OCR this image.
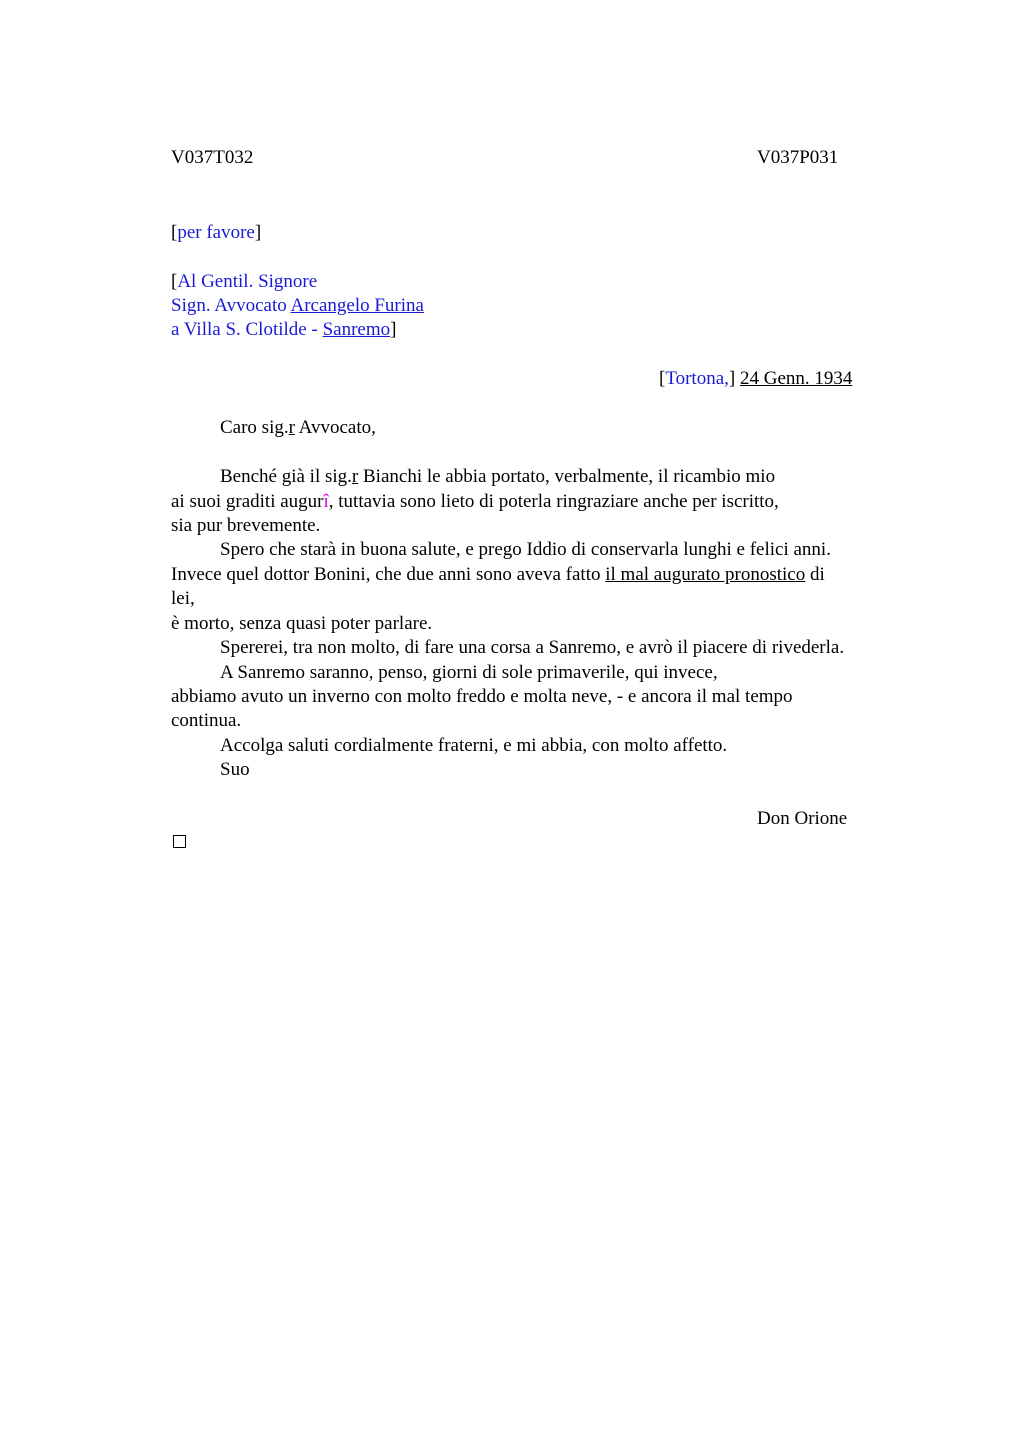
V037T032	V037P031
[per favore]
[Al Gentil. Signore
Sign. Avvocato Arcangelo Furina
a Villa S. Clotilde - Sanremo]
[Tortona,] 24 Genn. 1934
Caro sig.r Avvocato,
Benché già il sig.r Bianchi le abbia portato, verbalmente, il ricambio mio
ai suoi graditi augurî, tuttavia sono lieto di poterla ringraziare anche per iscritto,
sia pur brevemente.
Spero che starà in buona salute, e prego Iddio di conservarla lunghi e felici anni.
Invece quel dottor Bonini, che due anni sono aveva fatto il mal augurato pronostico di
lei,
è morto, senza quasi poter parlare.
Spererei, tra non molto, di fare una corsa a Sanremo, e avrò il piacere di rivederla.
A Sanremo saranno, penso, giorni di sole primaverile, qui invece,
abbiamo avuto un inverno con molto freddo e molta neve, - e ancora il mal tempo
continua.
Accolga saluti cordialmente fraterni, e mi abbia, con molto affetto.
Suo
Don Orione
